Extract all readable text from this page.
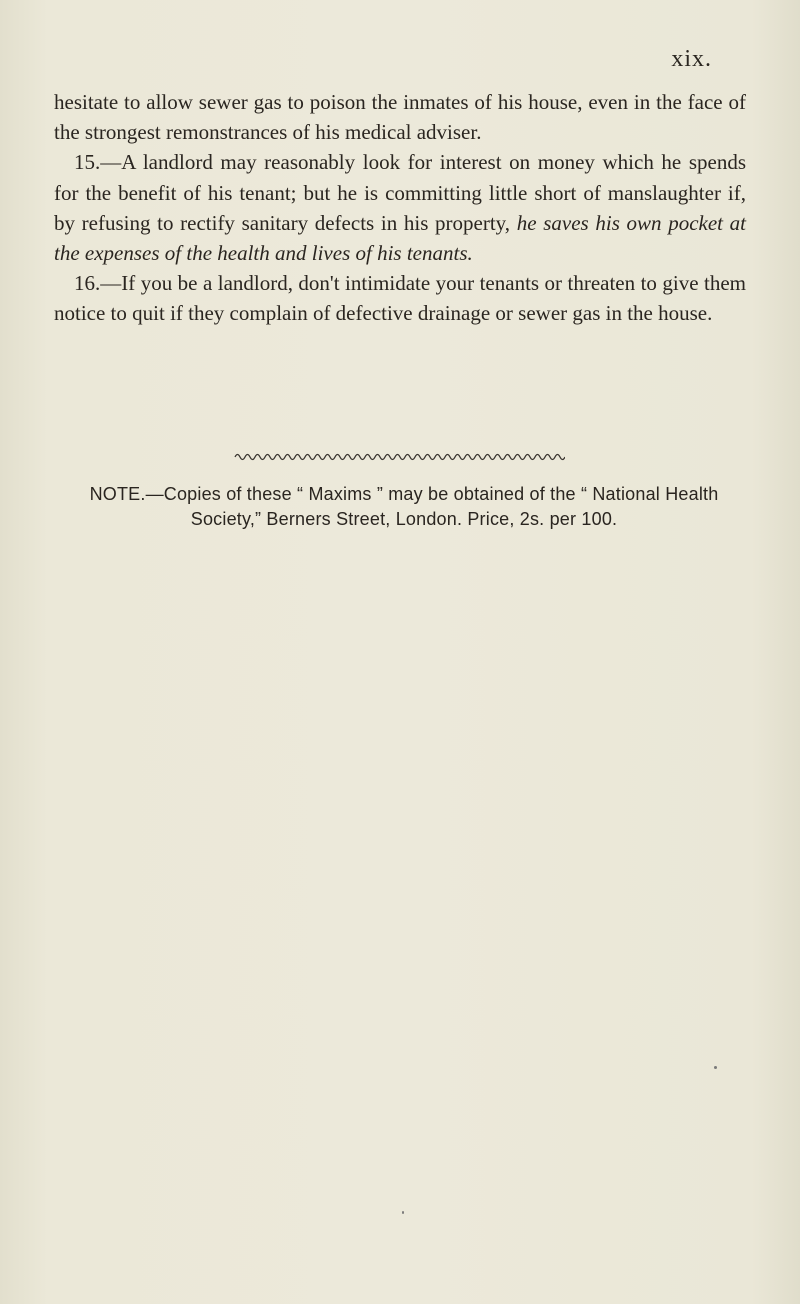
xix.

hesitate to allow sewer gas to poison the inmates of his house, even in the face of the strongest remonstrances of his medical adviser.

15.—A landlord may reasonably look for interest on money which he spends for the benefit of his tenant; but he is committing little short of manslaughter if, by refusing to rectify sanitary defects in his property, he saves his own pocket at the expenses of the health and lives of his tenants.

16.—If you be a landlord, don't intimidate your tenants or threaten to give them notice to quit if they complain of defective drainage or sewer gas in the house.

NOTE.—Copies of these “ Maxims ” may be obtained of the “ National Health Society,” Berners Street, London. Price, 2s. per 100.
